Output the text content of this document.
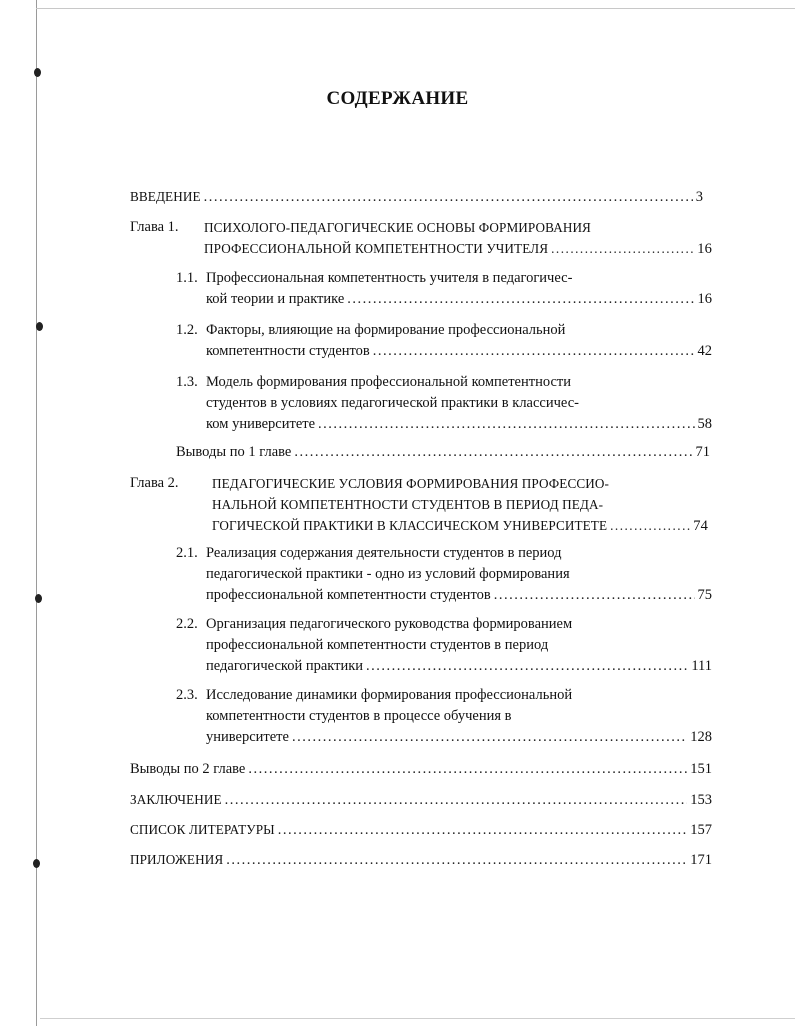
СОДЕРЖАНИЕ
ВВЕДЕНИЕ .....	3
Глава 1. ПСИХОЛОГО-ПЕДАГОГИЧЕСКИЕ ОСНОВЫ ФОРМИРОВАНИЯ
ПРОФЕССИОНАЛЬНОЙ КОМПЕТЕНТНОСТИ УЧИТЕЛЯ .....	16
1.1. Профессиональная компетентность учителя в педагогичес-
кой теории и практике .....	16
1.2. Факторы, влияющие на формирование профессиональной
компетентности студентов .....	42
1.3. Модель формирования профессиональной компетентности
студентов в условиях педагогической практики в классичес-
ком университете .....	58
Выводы по 1 главе .....	71
Глава 2.	ПЕДАГОГИЧЕСКИЕ УСЛОВИЯ ФОРМИРОВАНИЯ ПРОФЕССИО-
НАЛЬНОЙ КОМПЕТЕНТНОСТИ СТУДЕНТОВ В ПЕРИОД ПЕДА-
ГОГИЧЕСКОЙ ПРАКТИКИ В КЛАССИЧЕСКОМ УНИВЕРСИТЕТЕ .....	74
2.1. Реализация содержания деятельности студентов в период
педагогической практики - одно из условий формирования
профессиональной компетентности студентов .....	75
2.2. Организация педагогического руководства формированием
профессиональной компетентности студентов в период
педагогической практики .....	111
2.3. Исследование динамики формирования профессиональной
компетентности студентов в процессе обучения в
университете .....	128
Выводы по 2 главе .....	151
ЗАКЛЮЧЕНИЕ .....	153
СПИСОК ЛИТЕРАТУРЫ .....	157
ПРИЛОЖЕНИЯ .....	171
